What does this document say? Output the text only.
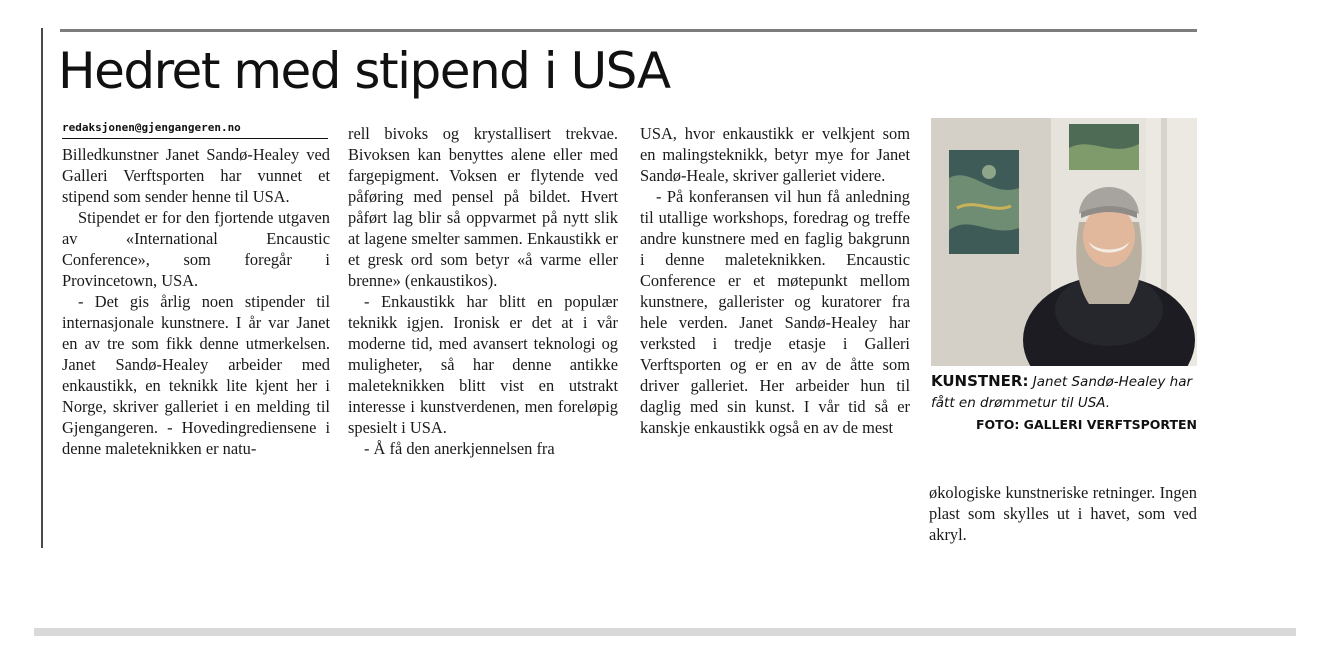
Hedret med stipend i USA
redaksjonen@gjengangeren.no

Billedkunstner Janet Sandø-Healey ved Galleri Verftsporten har vunnet et stipend som sender henne til USA.

Stipendet er for den fjortende utgaven av «International Encaustic Conference», som foregår i Provincetown, USA.

- Det gis årlig noen stipender til internasjonale kunstnere. I år var Janet en av tre som fikk denne utmerkelsen. Janet Sandø-Healey arbeider med enkaustikk, en teknikk lite kjent her i Norge, skriver galleriet i en melding til Gjengangeren. - Hovedingrediensene i denne maleteknikken er natu-

rell bivoks og krystallisert trekvae. Bivoksen kan benyttes alene eller med fargepigment. Voksen er flytende ved påføring med pensel på bildet. Hvert påført lag blir så oppvarmet på nytt slik at lagene smelter sammen. Enkaustikk er et gresk ord som betyr «å varme eller brenne» (enkaustikos).

- Enkaustikk har blitt en populær teknikk igjen. Ironisk er det at i vår moderne tid, med avansert teknologi og muligheter, så har denne antikke maleteknikken blitt vist en utstrakt interesse i kunstverdenen, men foreløpig spesielt i USA.

- Å få den anerkjennelsen fra

USA, hvor enkaustikk er velkjent som en malingsteknikk, betyr mye for Janet Sandø-Heale, skriver galleriet videre.

- På konferansen vil hun få anledning til utallige workshops, foredrag og treffe andre kunstnere med en faglig bakgrunn i denne maleteknikken. Encaustic Conference er et møtepunkt mellom kunstnere, gallerister og kuratorer fra hele verden. Janet Sandø-Healey har verksted i tredje etasje i Galleri Verftsporten og er en av de åtte som driver galleriet. Her arbeider hun til daglig med sin kunst. I vår tid så er kanskje enkaustikk også en av de mest

KUNSTNER: Janet Sandø-Healey har fått en drømmetur til USA.
FOTO: GALLERI VERFTSPORTEN

økologiske kunstneriske retninger. Ingen plast som skylles ut i havet, som ved akryl.
